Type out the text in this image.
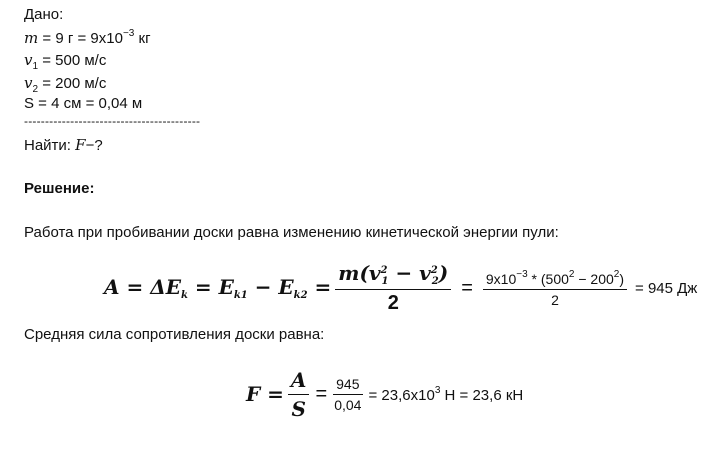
Дано:
m = 9 $г = 9х10^{-3}$ кг
$v_1 = 500$ м/с
$v_2 = 200$ м/с
S = 4 см = 0,04 м
------------------------------------------
Найти: F−?
Решение:
Работа при пробивании доски равна изменению кинетической энергии пули:
$A = \Delta E_k = E_{k1} - E_{k2} = \frac{m(v^2_1 - v^2_2)}{2} = \frac{9х10^{-3} * (500^2 - 200^2)}{2} = 945$ Дж
Средняя сила сопротивления доски равна:
$F = \frac{A}{S} = \frac{945}{0,04} = 23,6х10^3$ Н = 23,6 кН
